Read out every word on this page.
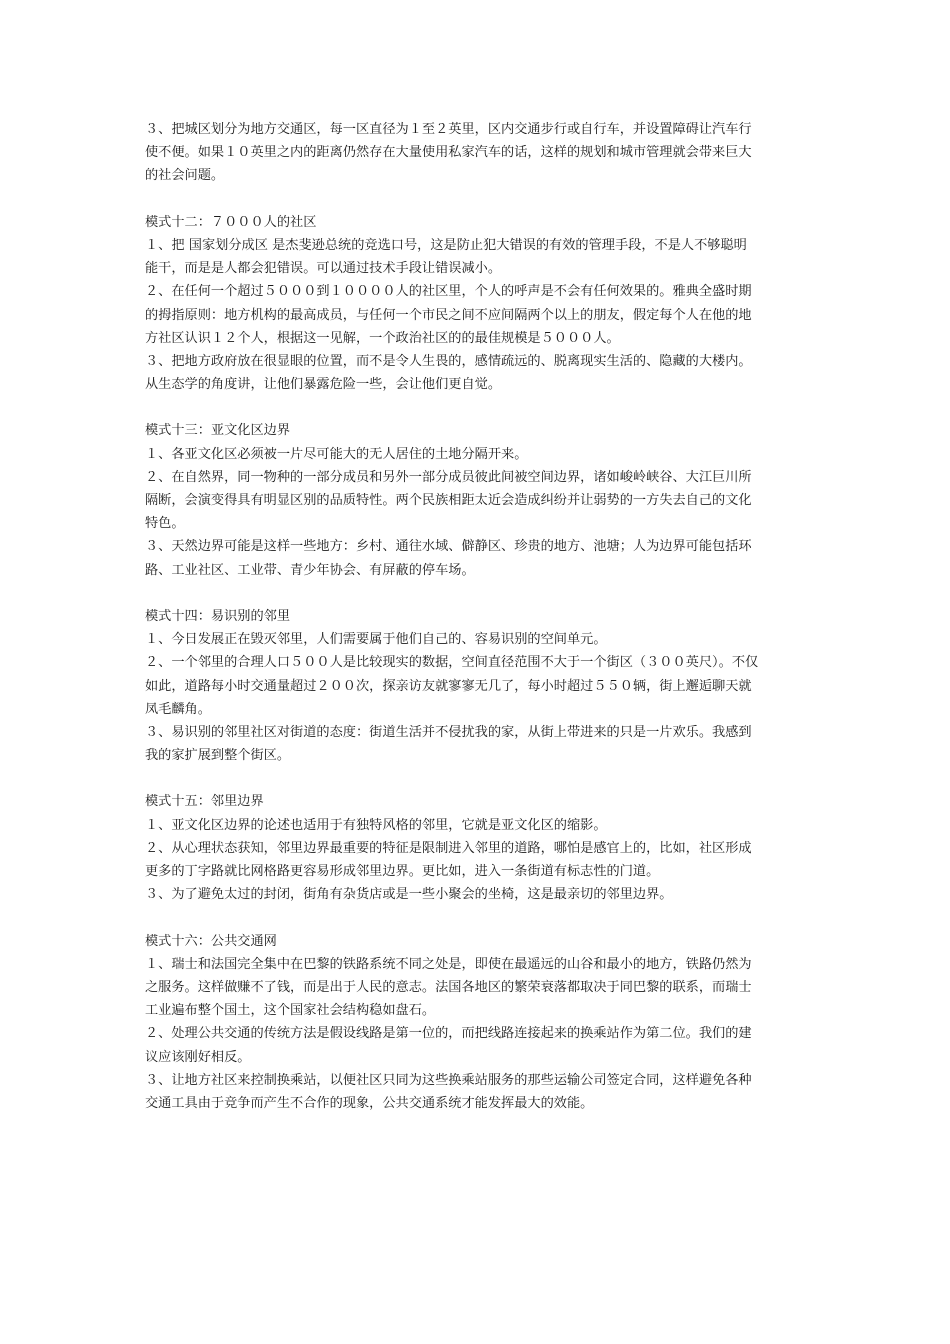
３、把城区划分为地方交通区，每一区直径为１至２英里，区内交通步行或自行车，并设置障碍让汽车行
使不便。如果１０英里之内的距离仍然存在大量使用私家汽车的话，这样的规划和城市管理就会带来巨大
的社会问题。
模式十二：７０００人的社区
１、把 国家划分成区 是杰斐逊总统的竞选口号，这是防止犯大错误的有效的管理手段，不是人不够聪明
能干，而是是人都会犯错误。可以通过技术手段让错误减小。
２、在任何一个超过５０００到１００００人的社区里，个人的呼声是不会有任何效果的。雅典全盛时期
的拇指原则：地方机构的最高成员，与任何一个市民之间不应间隔两个以上的朋友，假定每个人在他的地
方社区认识１２个人，根据这一见解，一个政治社区的的最佳规模是５０００人。
３、把地方政府放在很显眼的位置，而不是令人生畏的，感情疏远的、脱离现实生活的、隐藏的大楼内。
从生态学的角度讲，让他们暴露危险一些，会让他们更自觉。
模式十三：亚文化区边界
１、各亚文化区必须被一片尽可能大的无人居住的土地分隔开来。
２、在自然界，同一物种的一部分成员和另外一部分成员彼此间被空间边界，诸如峻岭峡谷、大江巨川所
隔断，会演变得具有明显区别的品质特性。两个民族相距太近会造成纠纷并让弱势的一方失去自己的文化
特色。
３、天然边界可能是这样一些地方：乡村、通往水域、僻静区、珍贵的地方、池塘；人为边界可能包括环
路、工业社区、工业带、青少年协会、有屏蔽的停车场。
模式十四：易识别的邻里
１、今日发展正在毁灭邻里，人们需要属于他们自己的、容易识别的空间单元。
２、一个邻里的合理人口５００人是比较现实的数据，空间直径范围不大于一个街区（３００英尺）。不仅
如此，道路每小时交通量超过２００次，探亲访友就寥寥无几了，每小时超过５５０辆，街上邂逅聊天就
凤毛麟角。
３、易识别的邻里社区对街道的态度：街道生活并不侵扰我的家，从街上带进来的只是一片欢乐。我感到
我的家扩展到整个街区。
模式十五：邻里边界
１、亚文化区边界的论述也适用于有独特风格的邻里，它就是亚文化区的缩影。
２、从心理状态获知，邻里边界最重要的特征是限制进入邻里的道路，哪怕是感官上的，比如，社区形成
更多的丁字路就比网格路更容易形成邻里边界。更比如，进入一条街道有标志性的门道。
３、为了避免太过的封闭，街角有杂货店或是一些小聚会的坐椅，这是最亲切的邻里边界。
模式十六：公共交通网
１、瑞士和法国完全集中在巴黎的铁路系统不同之处是，即使在最遥远的山谷和最小的地方，铁路仍然为
之服务。这样做赚不了钱，而是出于人民的意志。法国各地区的繁荣衰落都取决于同巴黎的联系，而瑞士
工业遍布整个国土，这个国家社会结构稳如盘石。
２、处理公共交通的传统方法是假设线路是第一位的，而把线路连接起来的换乘站作为第二位。我们的建
议应该刚好相反。
３、让地方社区来控制换乘站，以便社区只同为这些换乘站服务的那些运输公司签定合同，这样避免各种
交通工具由于竞争而产生不合作的现象，公共交通系统才能发挥最大的效能。
